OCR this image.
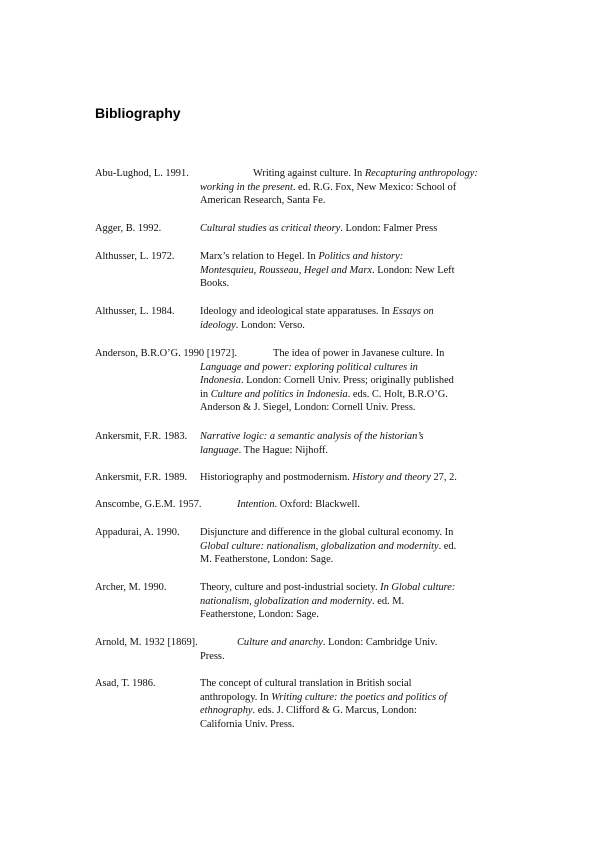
Bibliography
Abu-Lughod, L. 1991.	Writing against culture. In Recapturing anthropology:
working in the present. ed. R.G. Fox, New Mexico: School of
American Research, Santa Fe.
Agger, B. 1992.	Cultural studies as critical theory. London: Falmer Press
Althusser, L. 1972. Marx’s relation to Hegel. In Politics and history:
Montesquieu, Rousseau, Hegel and Marx. London: New Left
Books.
Althusser, L. 1984. Ideology and ideological state apparatuses. In Essays on
ideology. London: Verso.
Anderson, B.R.O’G. 1990 [1972].	The idea of power in Javanese culture. In
Language and power: exploring political cultures in
Indonesia. London: Cornell Univ. Press; originally published
in Culture and politics in Indonesia. eds. C. Holt, B.R.O’G.
Anderson & J. Siegel, London: Cornell Univ. Press.
Ankersmit, F.R. 1983. Narrative logic: a semantic analysis of the historian’s
language. The Hague: Nijhoff.
Ankersmit, F.R. 1989. Historiography and postmodernism. History and theory 27, 2.
Anscombe, G.E.M. 1957.	Intention. Oxford: Blackwell.
Appadurai, A. 1990. Disjuncture and difference in the global cultural economy. In
Global culture: nationalism, globalization and modernity. ed.
M. Featherstone, London: Sage.
Archer, M. 1990.	Theory, culture and post-industrial society. In Global culture:
nationalism, globalization and modernity. ed. M.
Featherstone, London: Sage.
Arnold, M. 1932 [1869].	Culture and anarchy. London: Cambridge Univ.
Press.
Asad, T. 1986.	The concept of cultural translation in British social
anthropology. In Writing culture: the poetics and politics of
ethnography. eds. J. Clifford & G. Marcus, London:
California Univ. Press.
